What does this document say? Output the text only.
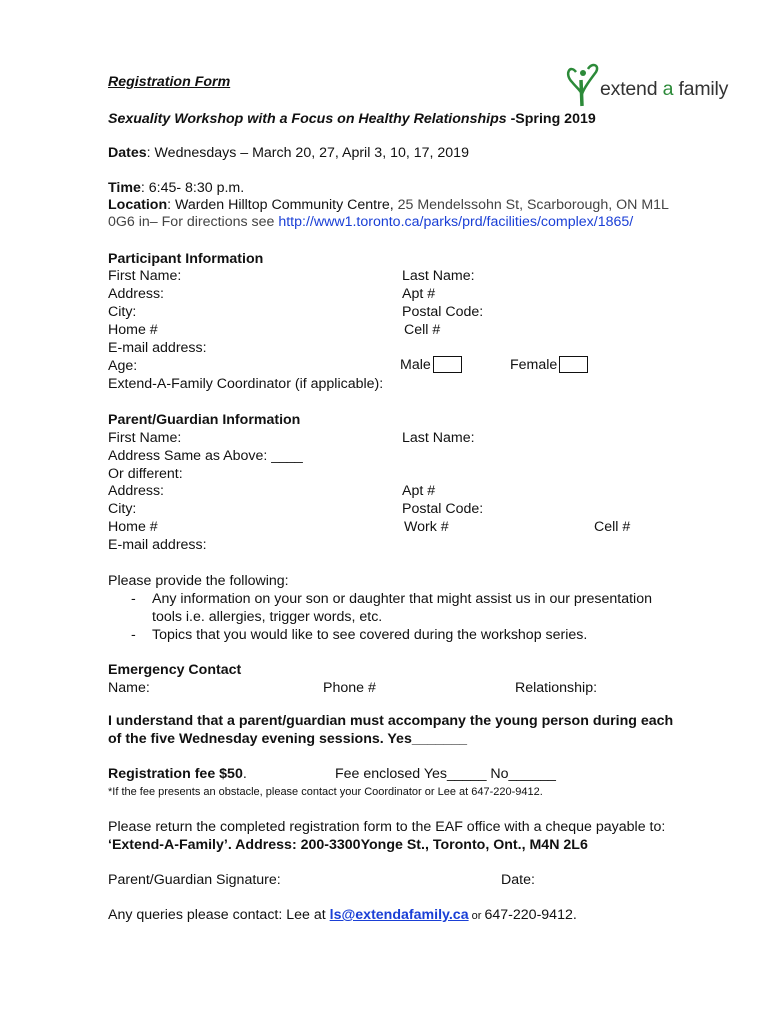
extend a family
Registration Form
Sexuality Workshop with a Focus on Healthy Relationships -Spring 2019
Dates: Wednesdays – March 20, 27, April 3, 10, 17, 2019
Time: 6:45- 8:30 p.m.
Location: Warden Hilltop Community Centre, 25 Mendelssohn St, Scarborough, ON M1L
0G6 in– For directions see http://www1.toronto.ca/parks/prd/facilities/complex/1865/
Participant Information
First Name:	Last Name:
Address:	Apt #
City:	Postal Code:
Home #	Cell #
E-mail address:
Age:	Male	Female
Extend-A-Family Coordinator (if applicable):
Parent/Guardian Information
First Name:	Last Name:
Address Same as Above: ____
Or different:
Address:	Apt #
City:	Postal Code:
Home #	Work #	Cell #
E-mail address:
Please provide the following:
- Any information on your son or daughter that might assist us in our presentation
tools i.e. allergies, trigger words, etc.
- Topics that you would like to see covered during the workshop series.
Emergency Contact
Name:	Phone #	Relationship:
I understand that a parent/guardian must accompany the young person during each
of the five Wednesday evening sessions. Yes_______
Registration fee $50.	Fee enclosed Yes_____ No______
*If the fee presents an obstacle, please contact your Coordinator or Lee at 647-220-9412.
Please return the completed registration form to the EAF office with a cheque payable to:
‘Extend-A-Family’. Address: 200-3300Yonge St., Toronto, Ont., M4N 2L6
Parent/Guardian Signature:	Date:
Any queries please contact: Lee at ls@extendafamily.ca or 647-220-9412.
